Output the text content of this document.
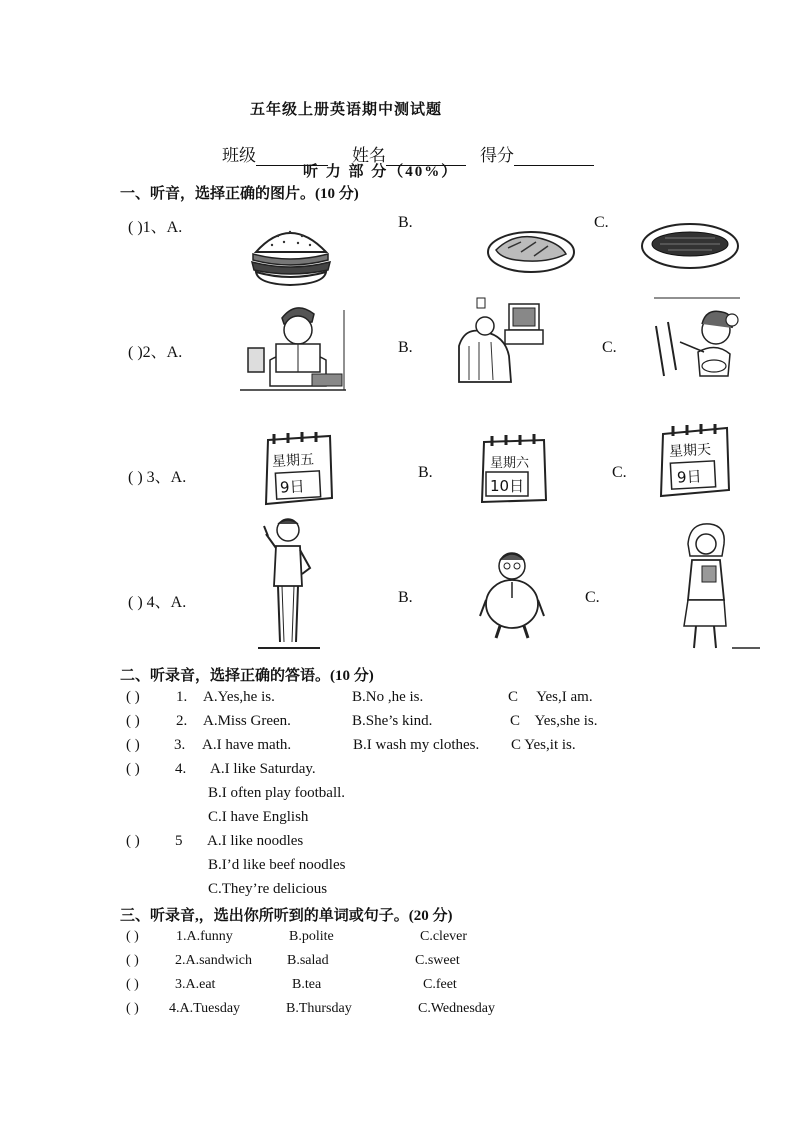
五年级上册英语期中测试题
班级	姓名	得分
听 力 部 分（40%）
一、听音，选择正确的图片。(10 分)
( )1、A.	B.	C.
( )2、A.	B.	C.
( ) 3、A.	B.	C.
星期五
9日
星期六
10日
星期天
9日
( ) 4、A.	B.	C.
二、听录音，选择正确的答语。(10 分)
( ) 1. A.Yes,he is.	B.No ,he is.	C     Yes,I am.
( ) 2. A.Miss Green.	B.She’s kind.	C    Yes,she is.
( ) 3. A.I have math.	B.I wash my clothes. C Yes,it is.
( ) 4. A.I like Saturday.
B.I often play football.
C.I have English
( ) 5 A.I like noodles
B.I’d like beef noodles
C.They’re delicious
三、听录音,，选出你所听到的单词或句子。(20 分)
( )	1.A.funny	B.polite	C.clever
( )	2.A.sandwich	B.salad	C.sweet
( )	3.A.eat	B.tea	C.feet
( ) 4.A.Tuesday	B.Thursday	C.Wednesday
